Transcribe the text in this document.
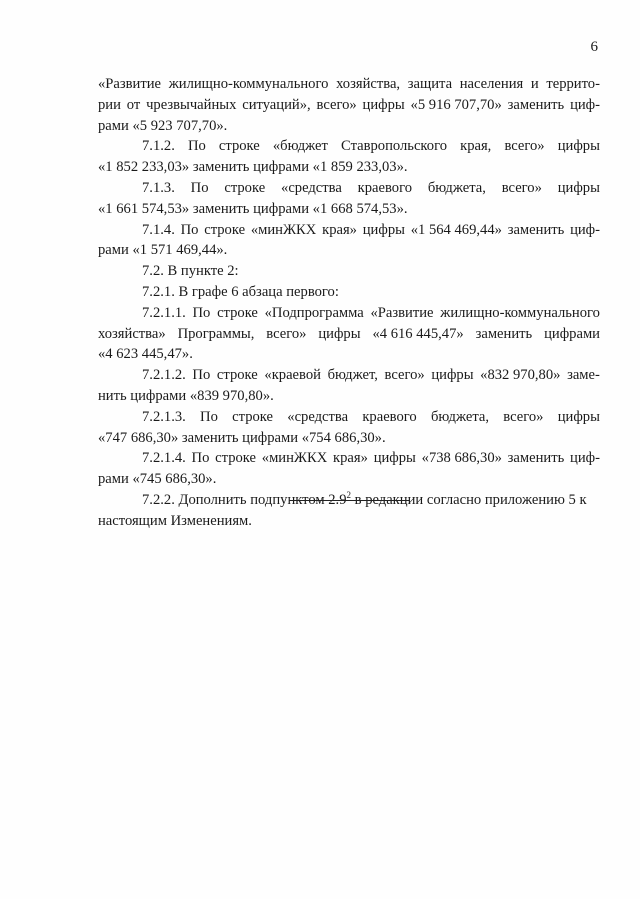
6
«Развитие жилищно-коммунального хозяйства, защита населения и террито-
рии от чрезвычайных ситуаций», всего» цифры «5 916 707,70» заменить циф-
рами «5 923 707,70».
7.1.2. По строке «бюджет Ставропольского края, всего» цифры
«1 852 233,03» заменить цифрами «1 859 233,03».
7.1.3. По строке «средства краевого бюджета, всего» цифры
«1 661 574,53» заменить цифрами «1 668 574,53».
7.1.4. По строке «минЖКХ края» цифры «1 564 469,44» заменить циф-
рами «1 571 469,44».
7.2. В пункте 2:
7.2.1. В графе 6 абзаца первого:
7.2.1.1. По строке «Подпрограмма «Развитие жилищно-коммунального
хозяйства» Программы, всего» цифры «4 616 445,47» заменить цифрами
«4 623 445,47».
7.2.1.2. По строке «краевой бюджет, всего» цифры «832 970,80» заме-
нить цифрами «839 970,80».
7.2.1.3. По строке «средства краевого бюджета, всего» цифры
«747 686,30» заменить цифрами «754 686,30».
7.2.1.4. По строке «минЖКХ края» цифры «738 686,30» заменить циф-
рами «745 686,30».
7.2.2. Дополнить подпунктом $2.9^2$ в редакции согласно приложению 5 к
настоящим Изменениям.
